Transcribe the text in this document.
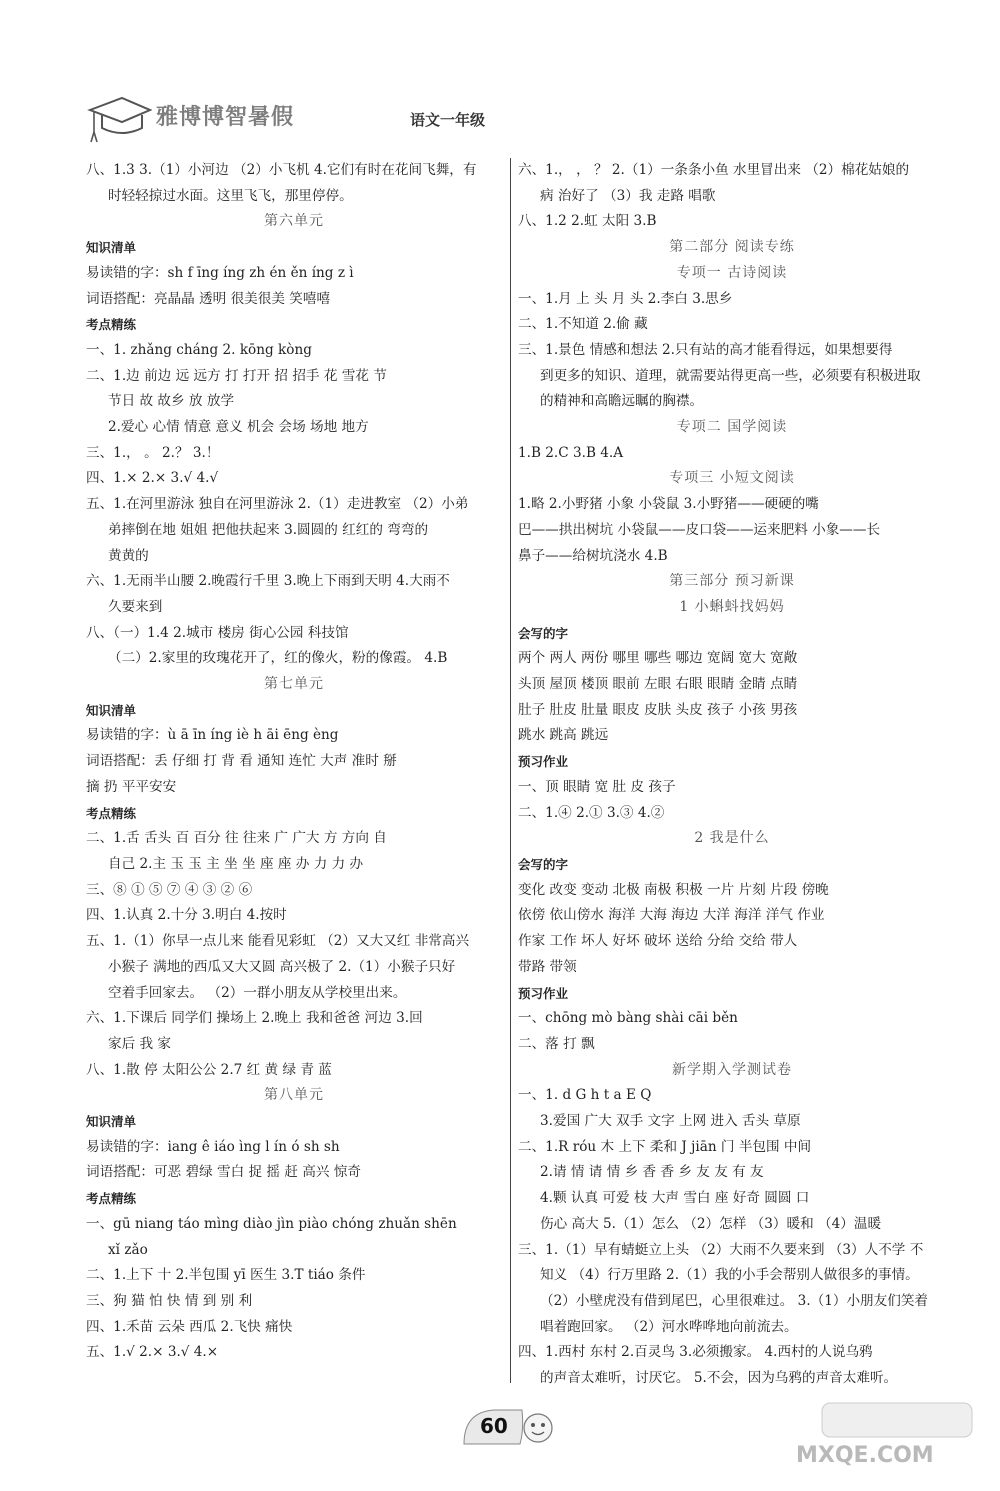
雅博博智暑假	语文一年级
八、1.3 3.（1）小河边 （2）小飞机 4.它们有时在花间飞舞，有
时轻轻掠过水面。这里飞飞，那里停停。
第六单元
知识清单
易读错的字：sh f īng íng zh én ěn íng z ì
词语搭配：亮晶晶 透明 很美很美 笑嘻嘻
考点精练
一、1. zhǎng cháng 2. kōng kòng
二、1.边 前边 远 远方 打 打开 招 招手 花 雪花 节
节日 故 故乡 放 放学
2.爱心 心情 情意 意义 机会 会场 场地 地方
三、1.， 。 2.？ 3.！
四、1.× 2.× 3.√ 4.√
五、1.在河里游泳 独自在河里游泳 2.（1）走进教室 （2）小弟
弟摔倒在地 姐姐 把他扶起来 3.圆圆的 红红的 弯弯的
黄黄的
六、1.无雨半山腰 2.晚霞行千里 3.晚上下雨到天明 4.大雨不
久要来到
八、（一）1.4 2.城市 楼房 街心公园 科技馆
（二）2.家里的玫瑰花开了，红的像火，粉的像霞。 4.B
第七单元
知识清单
易读错的字：ù ā īn íng iè h āi ēng èng
词语搭配：丢 仔细 打 背 看 通知 连忙 大声 准时 掰
摘 扔 平平安安
考点精练
二、1.舌 舌头 百 百分 往 往来 广 广大 方 方向 自
自己 2.主 玉 玉 主 坐 坐 座 座 办 力 力 办
三、⑧ ① ⑤ ⑦ ④ ③ ② ⑥
四、1.认真 2.十分 3.明白 4.按时
五、1.（1）你早一点儿来 能看见彩虹 （2）又大又红 非常高兴
小猴子 满地的西瓜又大又圆 高兴极了 2.（1）小猴子只好
空着手回家去。 （2）一群小朋友从学校里出来。
六、1.下课后 同学们 操场上 2.晚上 我和爸爸 河边 3.回
家后 我 家
八、1.散 停 太阳公公 2.7 红 黄 绿 青 蓝
第八单元
知识清单
易读错的字：iang ê iáo ìng l ín ó sh sh
词语搭配：可恶 碧绿 雪白 捉 摇 赶 高兴 惊奇
考点精练
一、gū niang táo mìng diào jìn piào chóng zhuǎn shēn
xǐ zǎo
二、1.上下 十 2.半包围 yī 医生 3.T tiáo 条件
三、狗 猫 怕 快 情 到 别 利
四、1.禾苗 云朵 西瓜 2.飞快 痛快
五、1.√ 2.× 3.√ 4.×
六、1.， ， ？ 2.（1）一条条小鱼 水里冒出来 （2）棉花姑娘的
病 治好了 （3）我 走路 唱歌
八、1.2 2.虹 太阳 3.B
第二部分 阅读专练
专项一 古诗阅读
一、1.月 上 头 月 头 2.李白 3.思乡
二、1.不知道 2.偷 藏
三、1.景色 情感和想法 2.只有站的高才能看得远，如果想要得
到更多的知识、道理，就需要站得更高一些，必须要有积极进取
的精神和高瞻远瞩的胸襟。
专项二 国学阅读
1.B 2.C 3.B 4.A
专项三 小短文阅读
1.略 2.小野猪 小象 小袋鼠 3.小野猪——硬硬的嘴
巴——拱出树坑 小袋鼠——皮口袋——运来肥料 小象——长
鼻子——给树坑浇水 4.B
第三部分 预习新课
1 小蝌蚪找妈妈
会写的字
两个 两人 两份 哪里 哪些 哪边 宽阔 宽大 宽敞
头顶 屋顶 楼顶 眼前 左眼 右眼 眼睛 金睛 点睛
肚子 肚皮 肚量 眼皮 皮肤 头皮 孩子 小孩 男孩
跳水 跳高 跳远
预习作业
一、顶 眼睛 宽 肚 皮 孩子
二、1.④ 2.① 3.③ 4.②
2 我是什么
会写的字
变化 改变 变动 北极 南极 积极 一片 片刻 片段 傍晚
依傍 依山傍水 海洋 大海 海边 大洋 海洋 洋气 作业
作家 工作 坏人 好坏 破坏 送给 分给 交给 带人
带路 带领
预习作业
一、chōng mò bàng shài cāi běn
二、落 打 飘
新学期入学测试卷
一、1. d G h t a E Q
3.爱国 广大 双手 文字 上网 进入 舌头 草原
二、1.R róu 木 上下 柔和 J jiān 门 半包围 中间
2.请 情 请 情 乡 香 香 乡 友 友 有 友
4.颗 认真 可爱 枝 大声 雪白 座 好奇 圆圆 口
伤心 高大 5.（1）怎么 （2）怎样 （3）暖和 （4）温暖
三、1.（1）早有蜻蜓立上头 （2）大雨不久要来到 （3）人不学 不
知义 （4）行万里路 2.（1）我的小手会帮别人做很多的事情。
（2）小壁虎没有借到尾巴，心里很难过。 3.（1）小朋友们笑着
唱着跑回家。 （2）河水哗哗地向前流去。
四、1.西村 东村 2.百灵鸟 3.必须搬家。 4.西村的人说乌鸦
的声音太难听，讨厌它。 5.不会，因为乌鸦的声音太难听。
60
MXQE.COM
